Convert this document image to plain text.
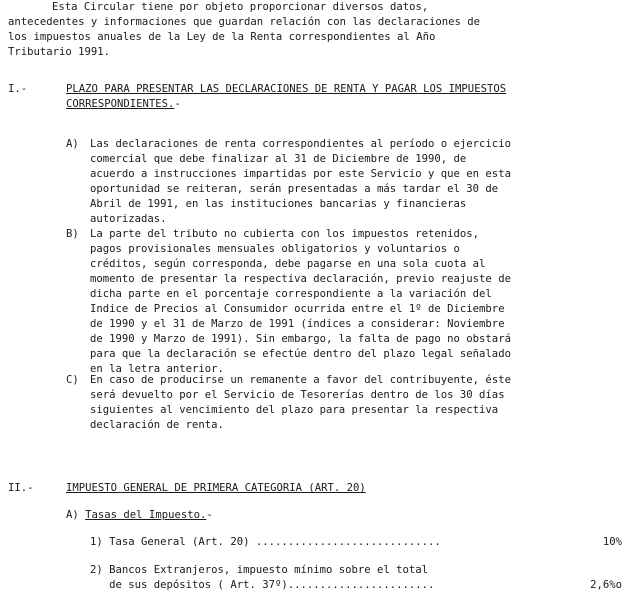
Esta Circular tiene por objeto proporcionar diversos datos,
antecedentes y informaciones que guardan relación con las declaraciones de
los impuestos anuales de la Ley de la Renta correspondientes al Año
Tributario 1991.
I.-	PLAZO PARA PRESENTAR LAS DECLARACIONES DE RENTA Y PAGAR LOS IMPUESTOS
CORRESPONDIENTES.-
A) Las declaraciones de renta correspondientes al período o ejercicio
comercial que debe finalizar al 31 de Diciembre de 1990, de
acuerdo a instrucciones impartidas por este Servicio y que en esta
oportunidad se reiteran, serán presentadas a más tardar el 30 de
Abril de 1991, en las instituciones bancarias y financieras
autorizadas.
B) La parte del tributo no cubierta con los impuestos retenidos,
pagos provisionales mensuales obligatorios y voluntarios o
créditos, según corresponda, debe pagarse en una sola cuota al
momento de presentar la respectiva declaración, previo reajuste de
dicha parte en el porcentaje correspondiente a la variación del
Indice de Precios al Consumidor ocurrida entre el 1º de Diciembre
de 1990 y el 31 de Marzo de 1991 (índices a considerar: Noviembre
de 1990 y Marzo de 1991). Sin embargo, la falta de pago no obstará
para que la declaración se efectúe dentro del plazo legal señalado
en la letra anterior.
C) En caso de producirse un remanente a favor del contribuyente, éste
será devuelto por el Servicio de Tesorerías dentro de los 30 días
siguientes al vencimiento del plazo para presentar la respectiva
declaración de renta.
II.-	IMPUESTO GENERAL DE PRIMERA CATEGORIA (ART. 20)
A) Tasas del Impuesto.-
1) Tasa General (Art. 20) .............................	10%
2) Bancos Extranjeros, impuesto mínimo sobre el total
de sus depósitos ( Art. 37º).......................	2,6%o
